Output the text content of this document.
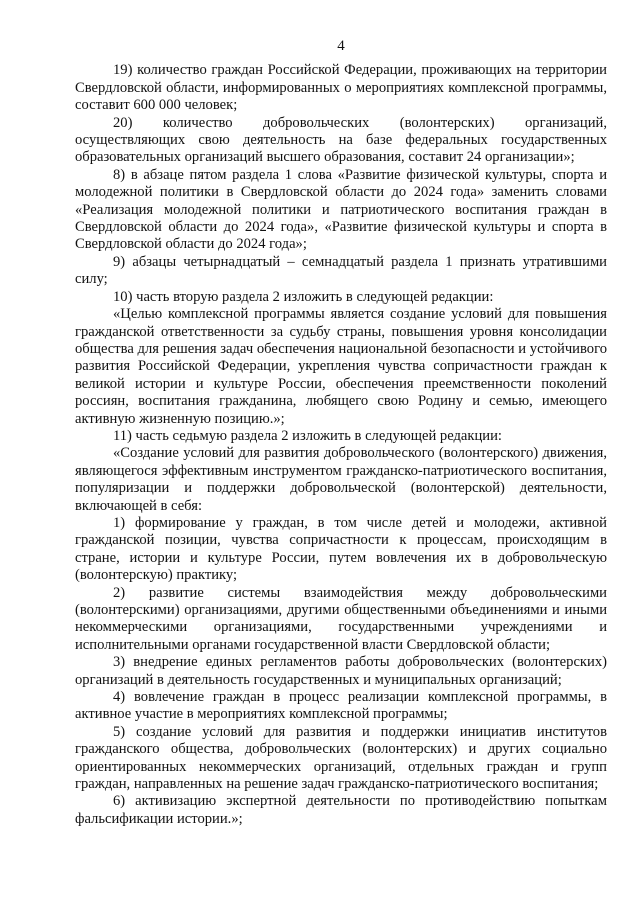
4

19) количество граждан Российской Федерации, проживающих на территории Свердловской области, информированных о мероприятиях комплексной программы, составит 600 000 человек;

20) количество добровольческих (волонтерских) организаций, осуществляющих свою деятельность на базе федеральных государственных образовательных организаций высшего образования, составит 24 организации»;

8) в абзаце пятом раздела 1 слова «Развитие физической культуры, спорта и молодежной политики в Свердловской области до 2024 года» заменить словами «Реализация молодежной политики и патриотического воспитания граждан в Свердловской области до 2024 года», «Развитие физической культуры и спорта в Свердловской области до 2024 года»;

9) абзацы четырнадцатый – семнадцатый раздела 1 признать утратившими силу;

10) часть вторую раздела 2 изложить в следующей редакции:

«Целью комплексной программы является создание условий для повышения гражданской ответственности за судьбу страны, повышения уровня консолидации общества для решения задач обеспечения национальной безопасности и устойчивого развития Российской Федерации, укрепления чувства сопричастности граждан к великой истории и культуре России, обеспечения преемственности поколений россиян, воспитания гражданина, любящего свою Родину и семью, имеющего активную жизненную позицию.»;

11) часть седьмую раздела 2 изложить в следующей редакции:

«Создание условий для развития добровольческого (волонтерского) движения, являющегося эффективным инструментом гражданско-патриотического воспитания, популяризации и поддержки добровольческой (волонтерской) деятельности, включающей в себя:

1) формирование у граждан, в том числе детей и молодежи, активной гражданской позиции, чувства сопричастности к процессам, происходящим в стране, истории и культуре России, путем вовлечения их в добровольческую (волонтерскую) практику;

2) развитие системы взаимодействия между добровольческими (волонтерскими) организациями, другими общественными объединениями и иными некоммерческими организациями, государственными учреждениями и исполнительными органами государственной власти Свердловской области;

3) внедрение единых регламентов работы добровольческих (волонтерских) организаций в деятельность государственных и муниципальных организаций;

4) вовлечение граждан в процесс реализации комплексной программы, в активное участие в мероприятиях комплексной программы;

5) создание условий для развития и поддержки инициатив институтов гражданского общества, добровольческих (волонтерских) и других социально ориентированных некоммерческих организаций, отдельных граждан и групп граждан, направленных на решение задач гражданско-патриотического воспитания;

6) активизацию экспертной деятельности по противодействию попыткам фальсификации истории.»;
